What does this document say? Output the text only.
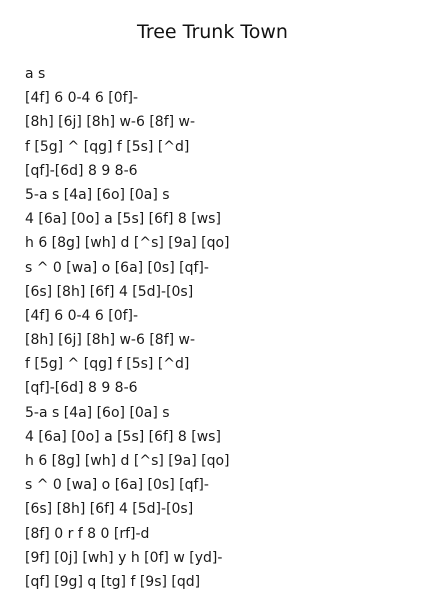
Tree Trunk Town
a s
[4f] 6 0-4 6 [0f]-
[8h] [6j] [8h] w-6 [8f] w-
f [5g] ^ [qg] f [5s] [^d]
[qf]-[6d] 8 9 8-6
5-a s [4a] [6o] [0a] s
4 [6a] [0o] a [5s] [6f] 8 [ws]
h 6 [8g] [wh] d [^s] [9a] [qo]
s ^ 0 [wa] o [6a] [0s] [qf]-
[6s] [8h] [6f] 4 [5d]-[0s]
[4f] 6 0-4 6 [0f]-
[8h] [6j] [8h] w-6 [8f] w-
f [5g] ^ [qg] f [5s] [^d]
[qf]-[6d] 8 9 8-6
5-a s [4a] [6o] [0a] s
4 [6a] [0o] a [5s] [6f] 8 [ws]
h 6 [8g] [wh] d [^s] [9a] [qo]
s ^ 0 [wa] o [6a] [0s] [qf]-
[6s] [8h] [6f] 4 [5d]-[0s]
[8f] 0 r f 8 0 [rf]-d
[9f] [0j] [wh] y h [0f] w [yd]-
[qf] [9g] q [tg] f [9s] [qd]
